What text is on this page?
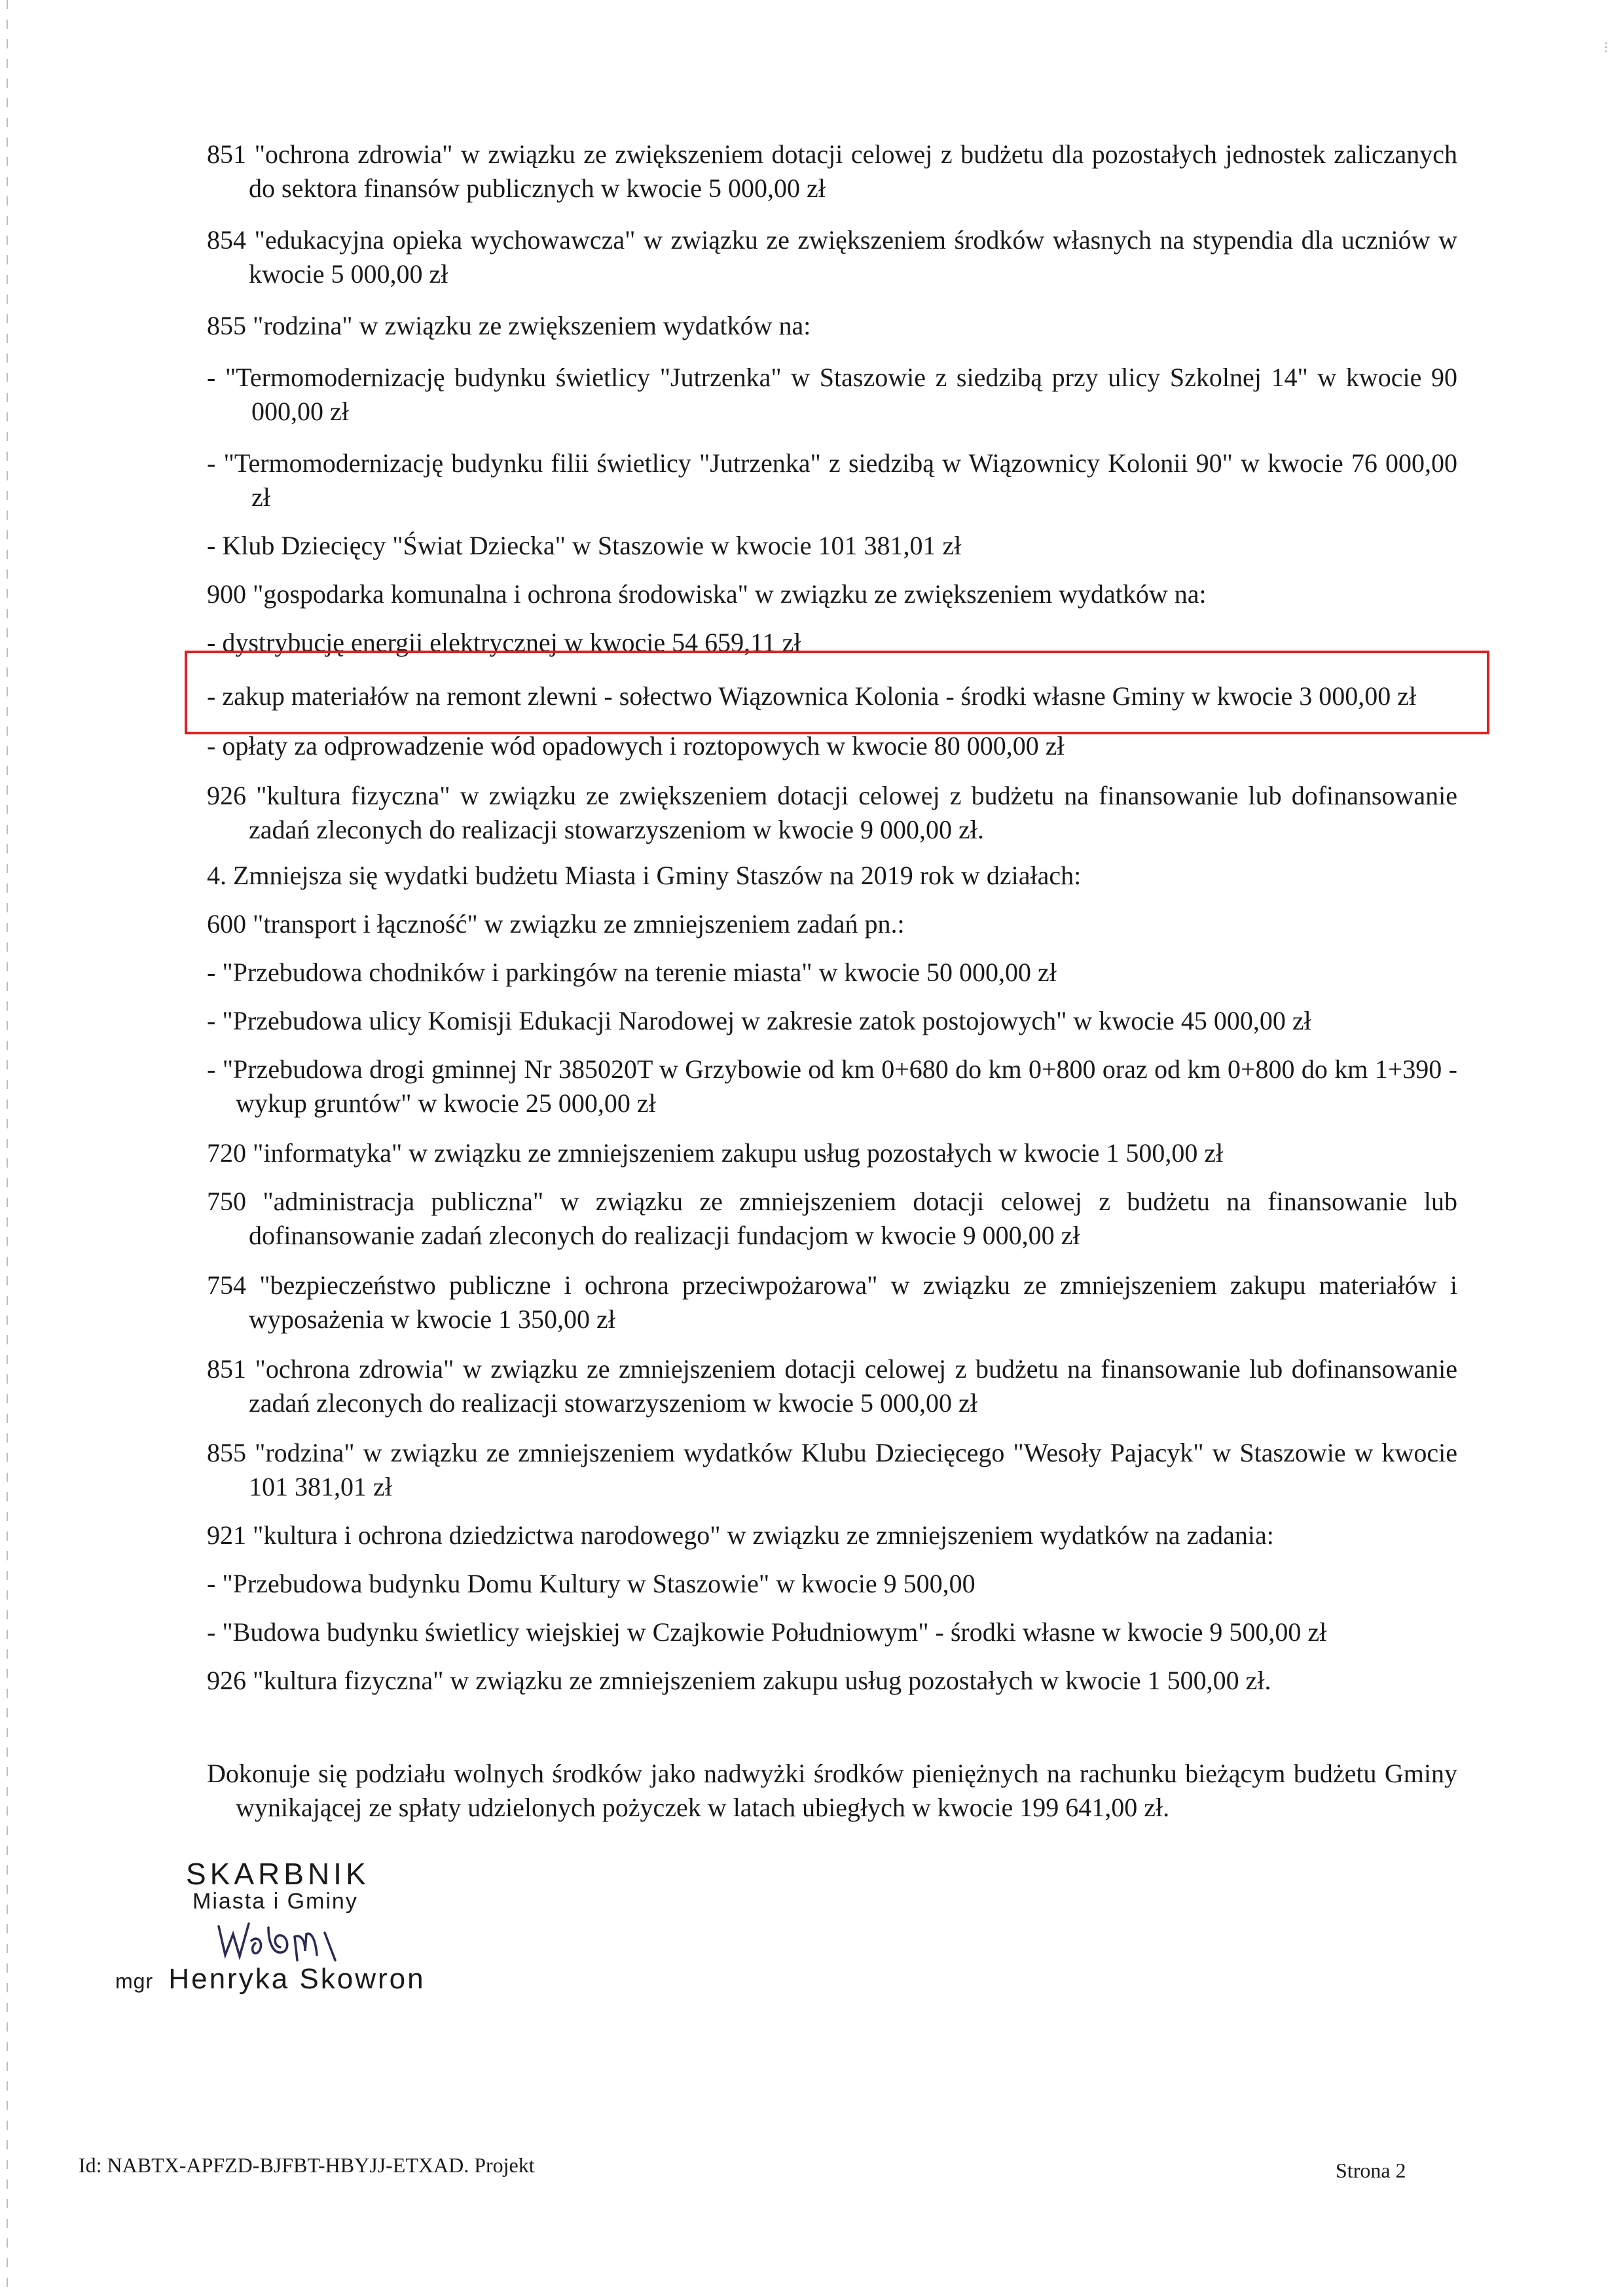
⋮

851 "ochrona zdrowia" w związku ze zwiększeniem dotacji celowej z budżetu dla pozostałych jednostek zaliczanych do sektora finansów publicznych w kwocie 5 000,00 zł

854 "edukacyjna opieka wychowawcza" w związku ze zwiększeniem środków własnych na stypendia dla uczniów w kwocie 5 000,00 zł

855 "rodzina" w związku ze zwiększeniem wydatków na:

- "Termomodernizację budynku świetlicy "Jutrzenka" w Staszowie z siedzibą przy ulicy Szkolnej 14" w kwocie 90 000,00 zł

- "Termomodernizację budynku filii świetlicy "Jutrzenka" z siedzibą w Wiązownicy Kolonii 90" w kwocie 76 000,00 zł

- Klub Dziecięcy "Świat Dziecka" w Staszowie w kwocie 101 381,01 zł

900 "gospodarka komunalna i ochrona środowiska" w związku ze zwiększeniem wydatków na:

- dystrybucję energii elektrycznej w kwocie 54 659,11 zł

- zakup materiałów na remont zlewni - sołectwo Wiązownica Kolonia - środki własne Gminy w kwocie 3 000,00 zł

- opłaty za odprowadzenie wód opadowych i roztopowych w kwocie 80 000,00 zł

926 "kultura fizyczna" w związku ze zwiększeniem dotacji celowej z budżetu na finansowanie lub dofinansowanie zadań zleconych do realizacji stowarzyszeniom w kwocie 9 000,00 zł.

4. Zmniejsza się wydatki budżetu Miasta i Gminy Staszów na 2019 rok w działach:

600 "transport i łączność" w związku ze zmniejszeniem zadań pn.:

- "Przebudowa chodników i parkingów na terenie miasta" w kwocie 50 000,00 zł

- "Przebudowa ulicy Komisji Edukacji Narodowej w zakresie zatok postojowych" w kwocie 45 000,00 zł

- "Przebudowa drogi gminnej Nr 385020T w Grzybowie od km 0+680 do km 0+800 oraz od km 0+800 do km 1+390 - wykup gruntów" w kwocie 25 000,00 zł

720 "informatyka" w związku ze zmniejszeniem zakupu usług pozostałych w kwocie 1 500,00 zł

750 "administracja publiczna" w związku ze zmniejszeniem dotacji celowej z budżetu na finansowanie lub dofinansowanie zadań zleconych do realizacji fundacjom w kwocie 9 000,00 zł

754 "bezpieczeństwo publiczne i ochrona przeciwpożarowa" w związku ze zmniejszeniem zakupu materiałów i wyposażenia w kwocie 1 350,00 zł

851 "ochrona zdrowia" w związku ze zmniejszeniem dotacji celowej z budżetu na finansowanie lub dofinansowanie zadań zleconych do realizacji stowarzyszeniom w kwocie 5 000,00 zł

855 "rodzina" w związku ze zmniejszeniem wydatków Klubu Dziecięcego "Wesoły Pajacyk" w Staszowie w kwocie 101 381,01 zł

921 "kultura i ochrona dziedzictwa narodowego" w związku ze zmniejszeniem wydatków na zadania:

- "Przebudowa budynku Domu Kultury w Staszowie" w kwocie 9 500,00

- "Budowa budynku świetlicy wiejskiej w Czajkowie Południowym" - środki własne w kwocie 9 500,00 zł

926 "kultura fizyczna" w związku ze zmniejszeniem zakupu usług pozostałych w kwocie 1 500,00 zł.

Dokonuje się podziału wolnych środków jako nadwyżki środków pieniężnych na rachunku bieżącym budżetu Gminy wynikającej ze spłaty udzielonych pożyczek w latach ubiegłych w kwocie 199 641,00 zł.

SKARBNIK
Miasta i Gminy
mgr Henryka Skowron
Id: NABTX-APFZD-BJFBT-HBYJJ-ETXAD. Projekt	Strona 2
